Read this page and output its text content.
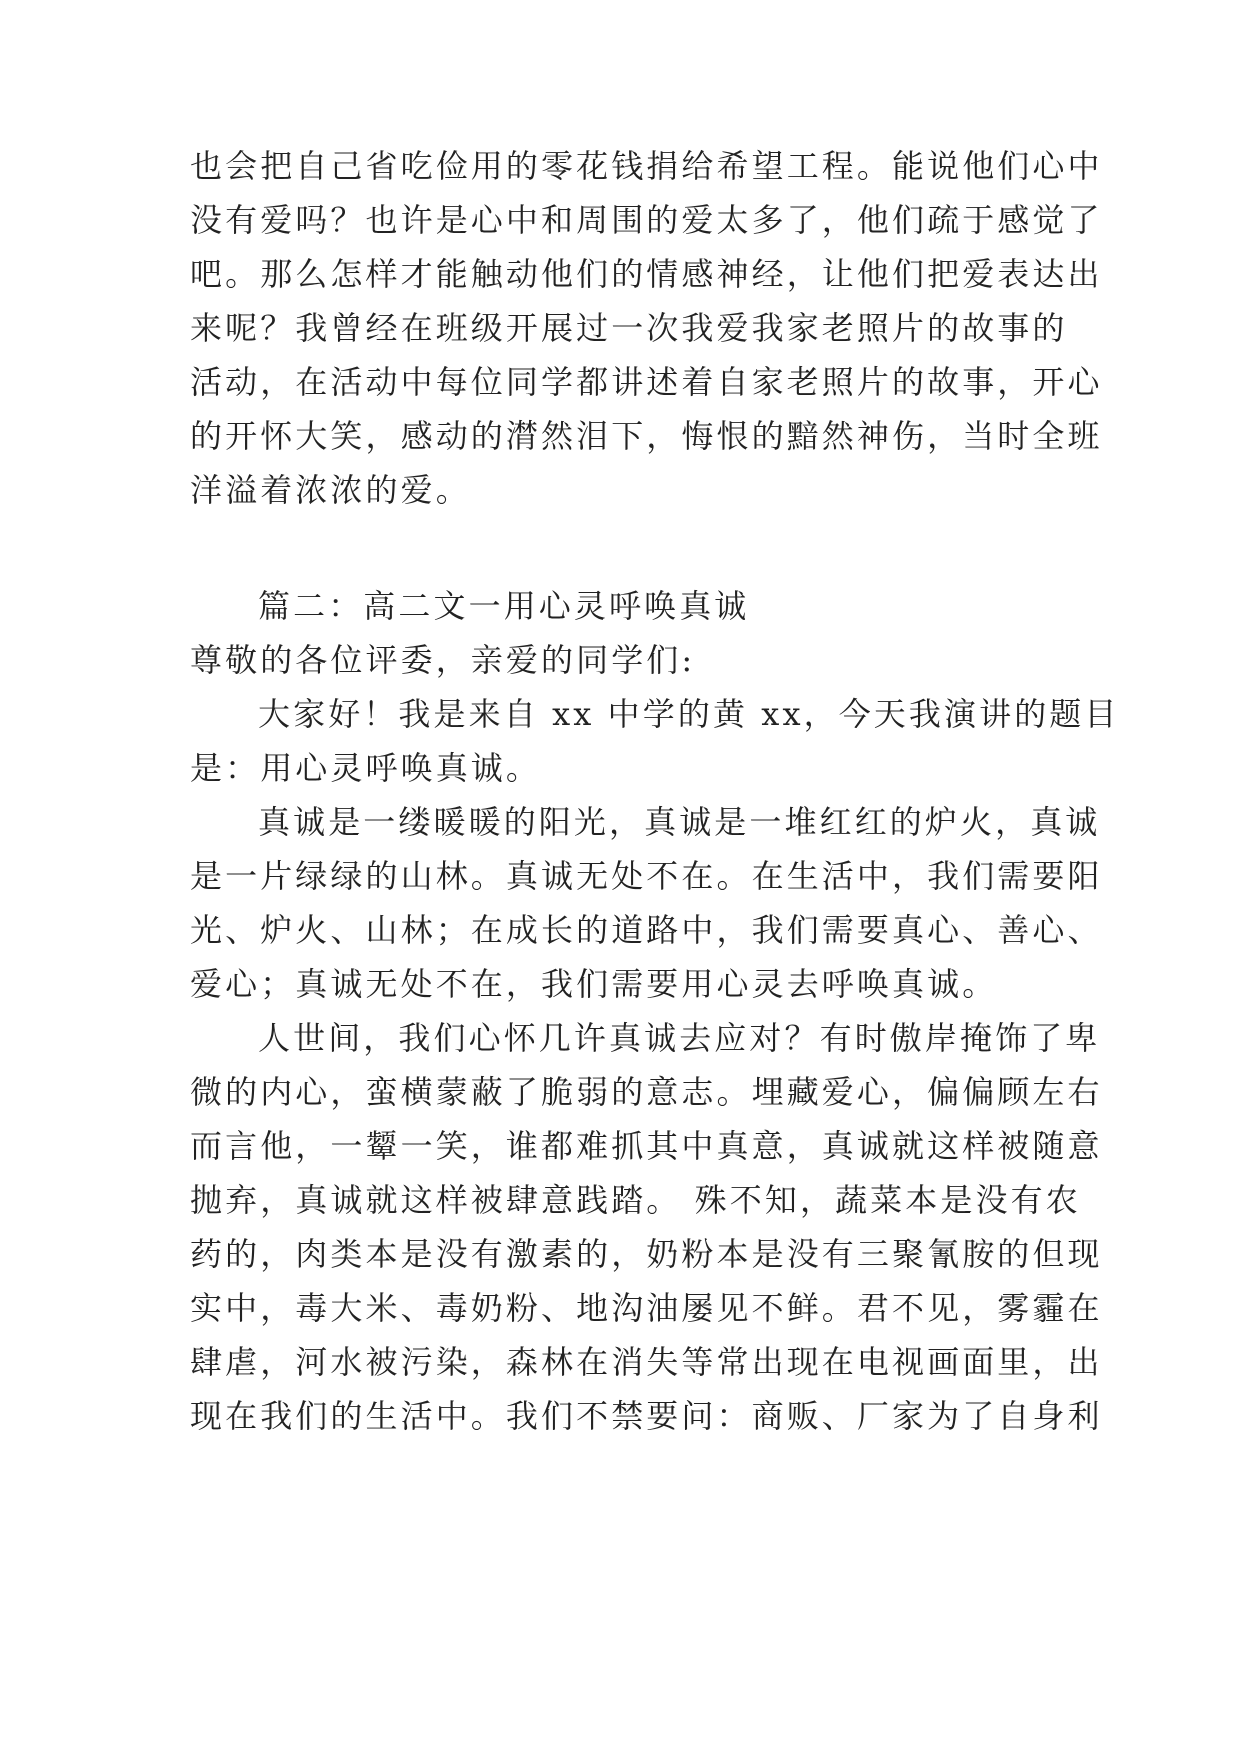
也会把自己省吃俭用的零花钱捐给希望工程。能说他们心中
没有爱吗？也许是心中和周围的爱太多了，他们疏于感觉了
吧。那么怎样才能触动他们的情感神经，让他们把爱表达出
来呢？我曾经在班级开展过一次我爱我家老照片的故事的
活动，在活动中每位同学都讲述着自家老照片的故事，开心
的开怀大笑，感动的潸然泪下，悔恨的黯然神伤，当时全班
洋溢着浓浓的爱。
篇二：高二文一用心灵呼唤真诚
尊敬的各位评委，亲爱的同学们:
大家好！我是来自 xx 中学的黄 xx，今天我演讲的题目
是：用心灵呼唤真诚。
真诚是一缕暖暖的阳光，真诚是一堆红红的炉火，真诚
是一片绿绿的山林。真诚无处不在。在生活中，我们需要阳
光、炉火、山林；在成长的道路中，我们需要真心、善心、
爱心；真诚无处不在，我们需要用心灵去呼唤真诚。
人世间，我们心怀几许真诚去应对？有时傲岸掩饰了卑
微的内心，蛮横蒙蔽了脆弱的意志。埋藏爱心，偏偏顾左右
而言他，一颦一笑，谁都难抓其中真意，真诚就这样被随意
抛弃，真诚就这样被肆意践踏。 殊不知，蔬菜本是没有农
药的，肉类本是没有激素的，奶粉本是没有三聚氰胺的但现
实中，毒大米、毒奶粉、地沟油屡见不鲜。君不见，雾霾在
肆虐，河水被污染，森林在消失等常出现在电视画面里，出
现在我们的生活中。我们不禁要问：商贩、厂家为了自身利
